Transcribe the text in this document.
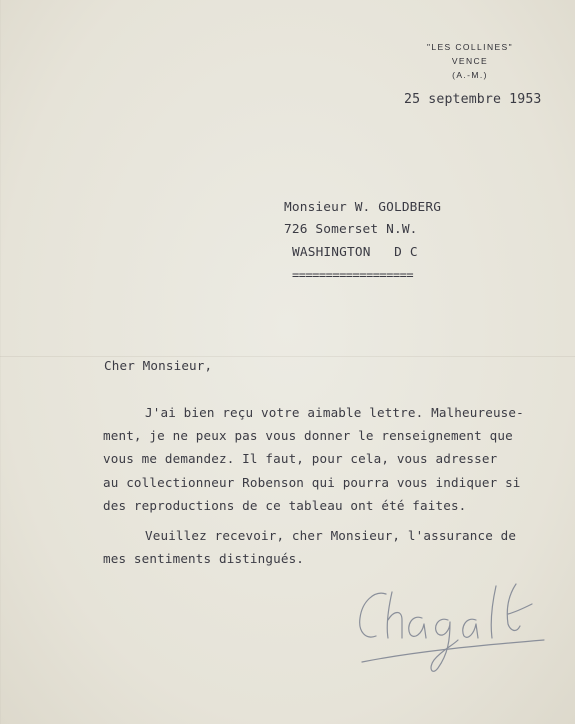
"LES COLLINES"
VENCE
(A.-M.)
25 septembre 1953
Monsieur W. GOLDBERG
726 Somerset N.W.
WASHINGTON   D C
==================
Cher Monsieur,
J'ai bien reçu votre aimable lettre. Malheureuse-
ment, je ne peux pas vous donner le renseignement que
vous me demandez. Il faut, pour cela, vous adresser
au collectionneur Robenson qui pourra vous indiquer si
des reproductions de ce tableau ont été faites.
Veuillez recevoir, cher Monsieur, l'assurance de
mes sentiments distingués.
